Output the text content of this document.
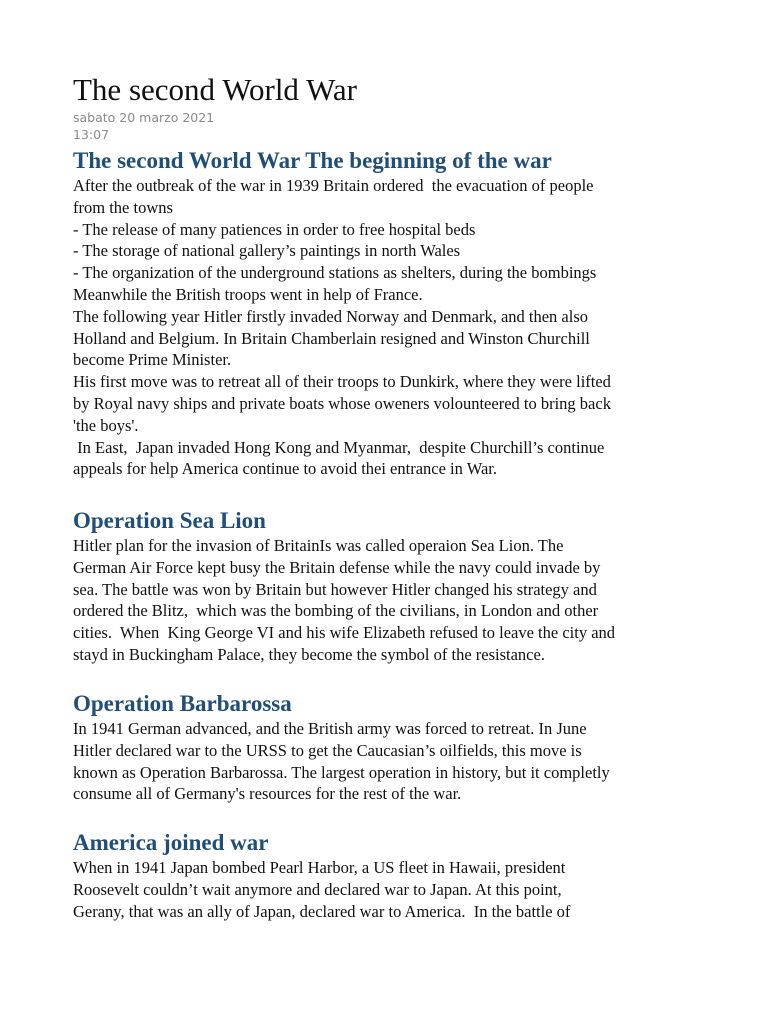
The second World War
sabato 20 marzo 2021
13:07
The second World War The beginning of the war

After the outbreak of the war in 1939 Britain ordered  the evacuation of people
from the towns
- The release of many patiences in order to free hospital beds
- The storage of national gallery’s paintings in north Wales
- The organization of the underground stations as shelters, during the bombings
Meanwhile the British troops went in help of France.
The following year Hitler firstly invaded Norway and Denmark, and then also
Holland and Belgium. In Britain Chamberlain resigned and Winston Churchill
become Prime Minister.
His first move was to retreat all of their troops to Dunkirk, where they were lifted
by Royal navy ships and private boats whose oweners volounteered to bring back
'the boys'.
In East,  Japan invaded Hong Kong and Myanmar,  despite Churchill’s continue
appeals for help America continue to avoid thei entrance in War.

Operation Sea Lion

Hitler plan for the invasion of BritainIs was called operaion Sea Lion. The
German Air Force kept busy the Britain defense while the navy could invade by
sea. The battle was won by Britain but however Hitler changed his strategy and
ordered the Blitz,  which was the bombing of the civilians, in London and other
cities.  When  King George VI and his wife Elizabeth refused to leave the city and
stayd in Buckingham Palace, they become the symbol of the resistance.

Operation Barbarossa

In 1941 German advanced, and the British army was forced to retreat. In June
Hitler declared war to the URSS to get the Caucasian’s oilfields, this move is
known as Operation Barbarossa. The largest operation in history, but it completly
consume all of Germany's resources for the rest of the war.

America joined war

When in 1941 Japan bombed Pearl Harbor, a US fleet in Hawaii, president
Roosevelt couldn’t wait anymore and declared war to Japan. At this point,
Gerany, that was an ally of Japan, declared war to America.  In the battle of
